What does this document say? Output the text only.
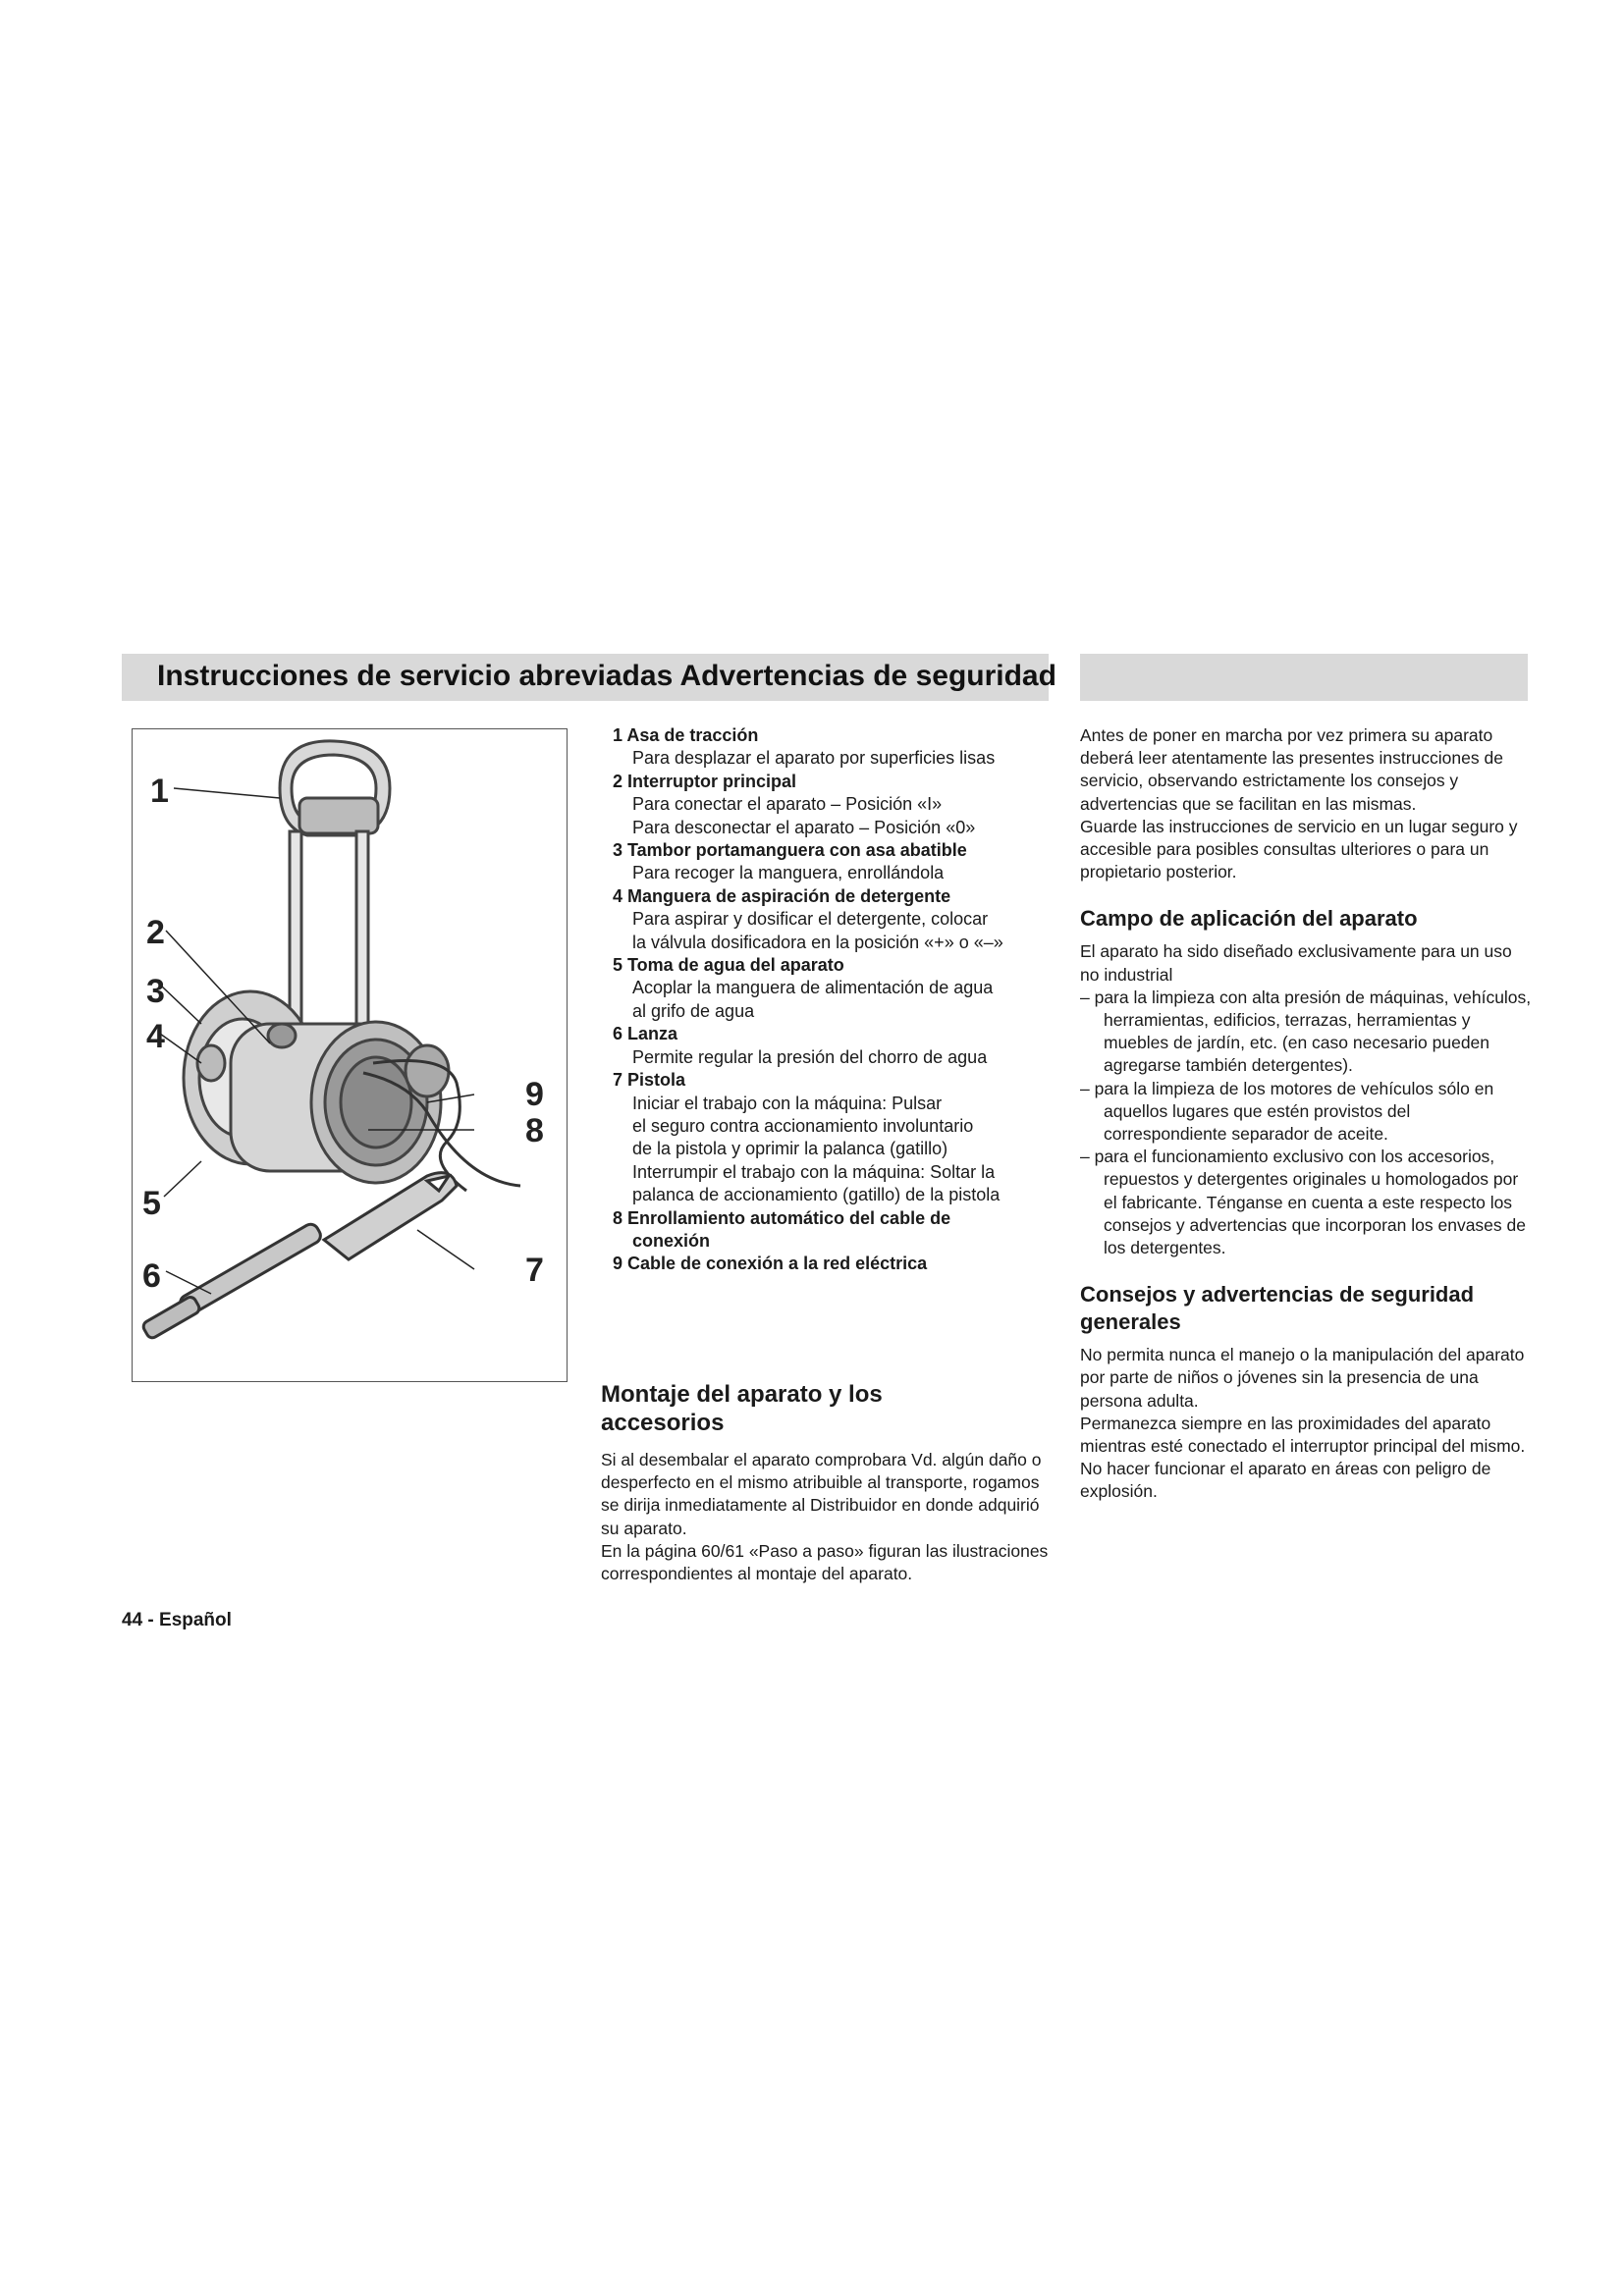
Instrucciones de servicio abreviadas Advertencias de seguridad
1
2
3
4
5
6	7
8
9
1 Asa de tracción
Para desplazar el aparato por superficies lisas
2 Interruptor principal
Para conectar el aparato – Posición «I»
Para desconectar el aparato – Posición «0»
3 Tambor portamanguera con asa abatible
Para recoger la manguera, enrollándola
4 Manguera de aspiración de detergente
Para aspirar y dosificar el detergente, colocar
la válvula dosificadora en la posición «+» o «–»
5 Toma de agua del aparato
Acoplar la manguera de alimentación de agua
al grifo de agua
6 Lanza
Permite regular la presión del chorro de agua
7 Pistola
Iniciar el trabajo con la máquina: Pulsar
el seguro contra accionamiento involuntario
de la pistola y oprimir la palanca (gatillo)
Interrumpir el trabajo con la máquina: Soltar la
palanca de accionamiento (gatillo) de la pistola
8 Enrollamiento automático del cable de
conexión
9 Cable de conexión a la red eléctrica
Montaje del aparato y los
accesorios

Si al desembalar el aparato comprobara Vd. algún daño o desperfecto en el mismo atribuible al transporte, rogamos se dirija inmediatamente al Distribuidor en donde adquirió su aparato.

En la página 60/61 «Paso a paso» figuran las ilustraciones correspondientes al montaje del aparato.

Antes de poner en marcha por vez primera su aparato deberá leer atentamente las presentes instrucciones de servicio, observando estrictamente los consejos y advertencias que se facilitan en las mismas.

Guarde las instrucciones de servicio en un lugar seguro y accesible para posibles consultas ulteriores o para un propietario posterior.

Campo de aplicación del aparato

El aparato ha sido diseñado exclusivamente para un uso no industrial

– para la limpieza con alta presión de máquinas, vehículos, herramientas, edificios, terrazas, herramientas y muebles de jardín, etc. (en caso necesario pueden agregarse también detergentes).

– para la limpieza de los motores de vehículos sólo en aquellos lugares que estén provistos del correspondiente separador de aceite.

– para el funcionamiento exclusivo con los accesorios, repuestos y detergentes originales u homologados por el fabricante. Ténganse en cuenta a este respecto los consejos y advertencias que incorporan los envases de los detergentes.

Consejos y advertencias de seguridad
generales

No permita nunca el manejo o la manipulación del aparato por parte de niños o jóvenes sin la presencia de una persona adulta.

Permanezca siempre en las proximidades del aparato mientras esté conectado el interruptor principal del mismo.

No hacer funcionar el aparato en áreas con peligro de explosión.

44 - Español
